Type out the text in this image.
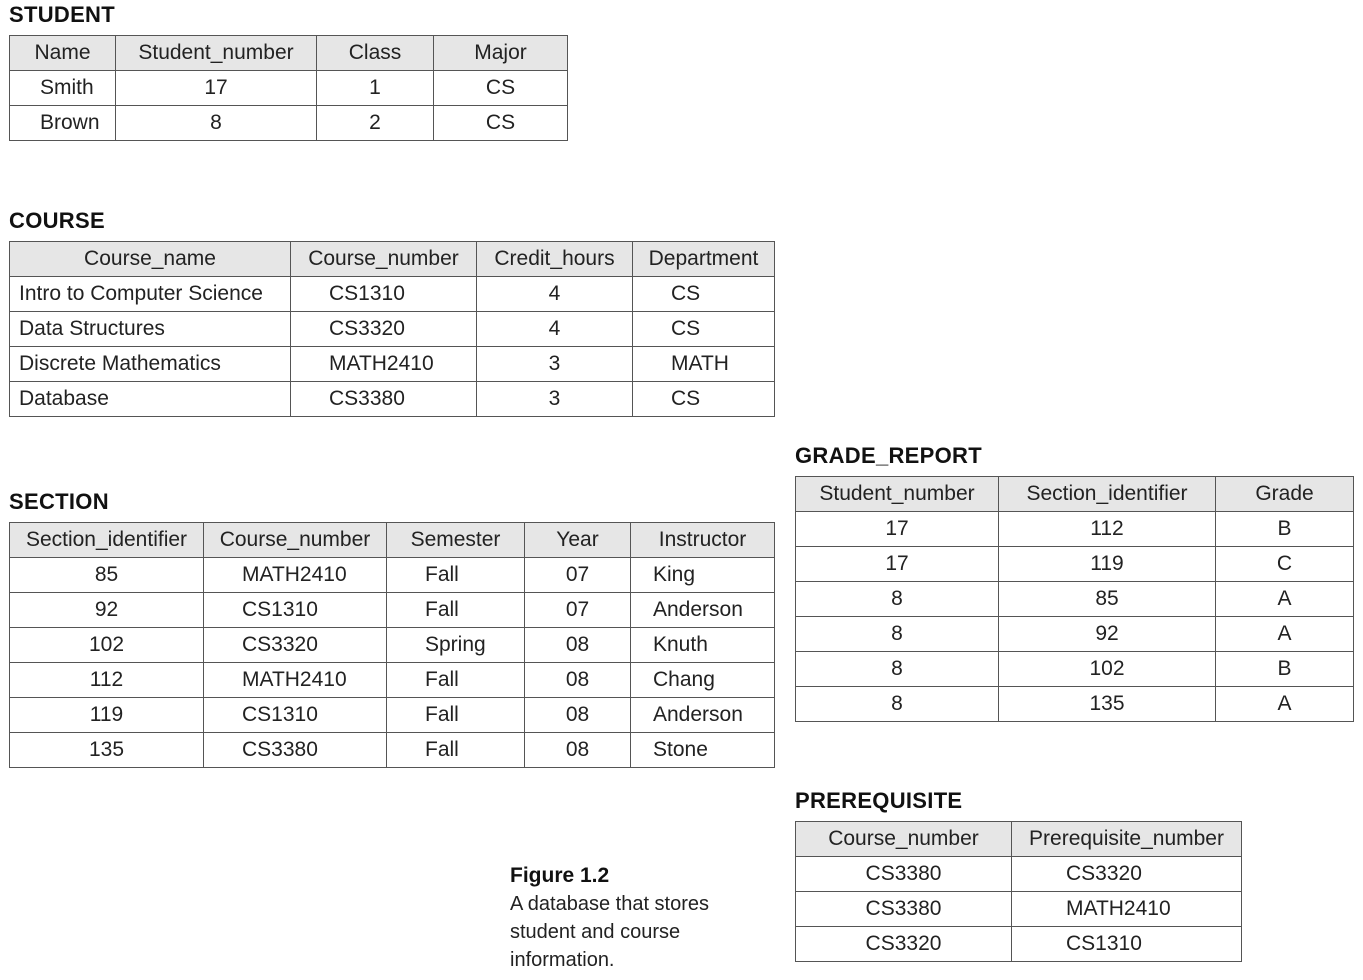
STUDENT
Name	Student_number	Class	Major
Smith	17	1	CS
Brown	8	2	CS
COURSE
Course_name	Course_number	Credit_hours	Department
Intro to Computer Science	CS1310	4	CS
Data Structures	CS3320	4	CS
Discrete Mathematics	MATH2410	3	MATH
Database	CS3380	3	CS
SECTION
Section_identifier	Course_number	Semester	Year	Instructor
85	MATH2410	Fall	07	King
92	CS1310	Fall	07	Anderson
102	CS3320	Spring	08	Knuth
112	MATH2410	Fall	08	Chang
119	CS1310	Fall	08	Anderson
135	CS3380	Fall	08	Stone
GRADE_REPORT
Student_number	Section_identifier	Grade
17	112	B
17	119	C
8	85	A
8	92	A
8	102	B
8	135	A
PREREQUISITE
Course_number	Prerequisite_number
CS3380	CS3320
CS3380	MATH2410
CS3320	CS1310
Figure 1.2
A database that stores
student and course
information.
